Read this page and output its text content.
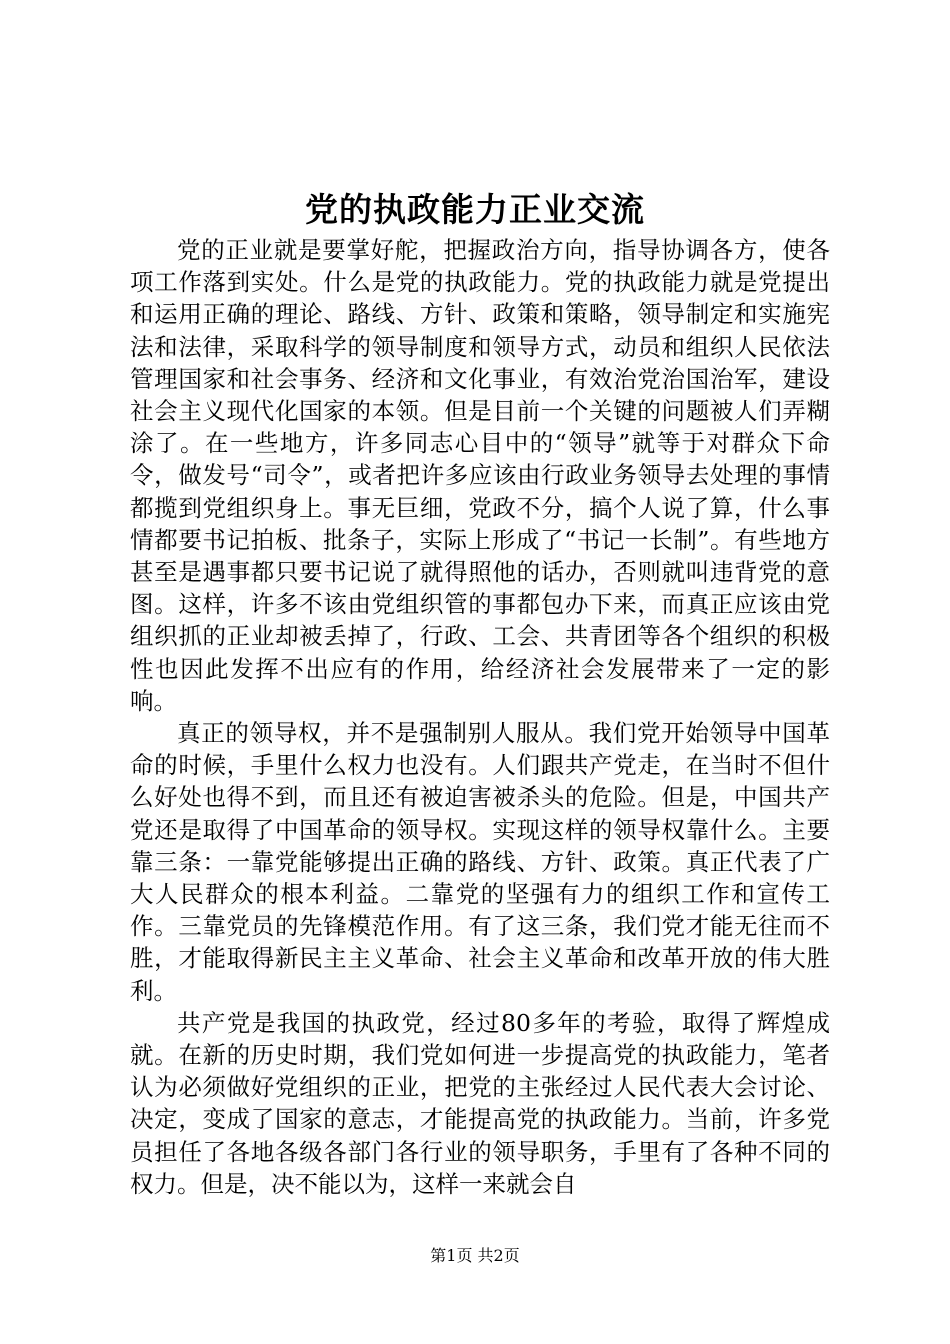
党的执政能力正业交流

党的正业就是要掌好舵，把握政治方向，指导协调各方，使各项工作落到实处。什么是党的执政能力。党的执政能力就是党提出和运用正确的理论、路线、方针、政策和策略，领导制定和实施宪法和法律，采取科学的领导制度和领导方式，动员和组织人民依法管理国家和社会事务、经济和文化事业，有效治党治国治军，建设社会主义现代化国家的本领。但是目前一个关键的问题被人们弄糊涂了。在一些地方，许多同志心目中的“领导”就等于对群众下命令，做发号“司令”，或者把许多应该由行政业务领导去处理的事情都揽到党组织身上。事无巨细，党政不分，搞个人说了算，什么事情都要书记拍板、批条子，实际上形成了“书记一长制”。有些地方甚至是遇事都只要书记说了就得照他的话办，否则就叫违背党的意图。这样，许多不该由党组织管的事都包办下来，而真正应该由党组织抓的正业却被丢掉了，行政、工会、共青团等各个组织的积极性也因此发挥不出应有的作用，给经济社会发展带来了一定的影响。

真正的领导权，并不是强制别人服从。我们党开始领导中国革命的时候，手里什么权力也没有。人们跟共产党走，在当时不但什么好处也得不到，而且还有被迫害被杀头的危险。但是，中国共产党还是取得了中国革命的领导权。实现这样的领导权靠什么。主要靠三条：一靠党能够提出正确的路线、方针、政策。真正代表了广大人民群众的根本利益。二靠党的坚强有力的组织工作和宣传工作。三靠党员的先锋模范作用。有了这三条，我们党才能无往而不胜，才能取得新民主主义革命、社会主义革命和改革开放的伟大胜利。

共产党是我国的执政党，经过80多年的考验，取得了辉煌成就。在新的历史时期，我们党如何进一步提高党的执政能力，笔者认为必须做好党组织的正业，把党的主张经过人民代表大会讨论、决定，变成了国家的意志，才能提高党的执政能力。当前，许多党员担任了各地各级各部门各行业的领导职务，手里有了各种不同的权力。但是，决不能以为，这样一来就会自

第1页 共2页
